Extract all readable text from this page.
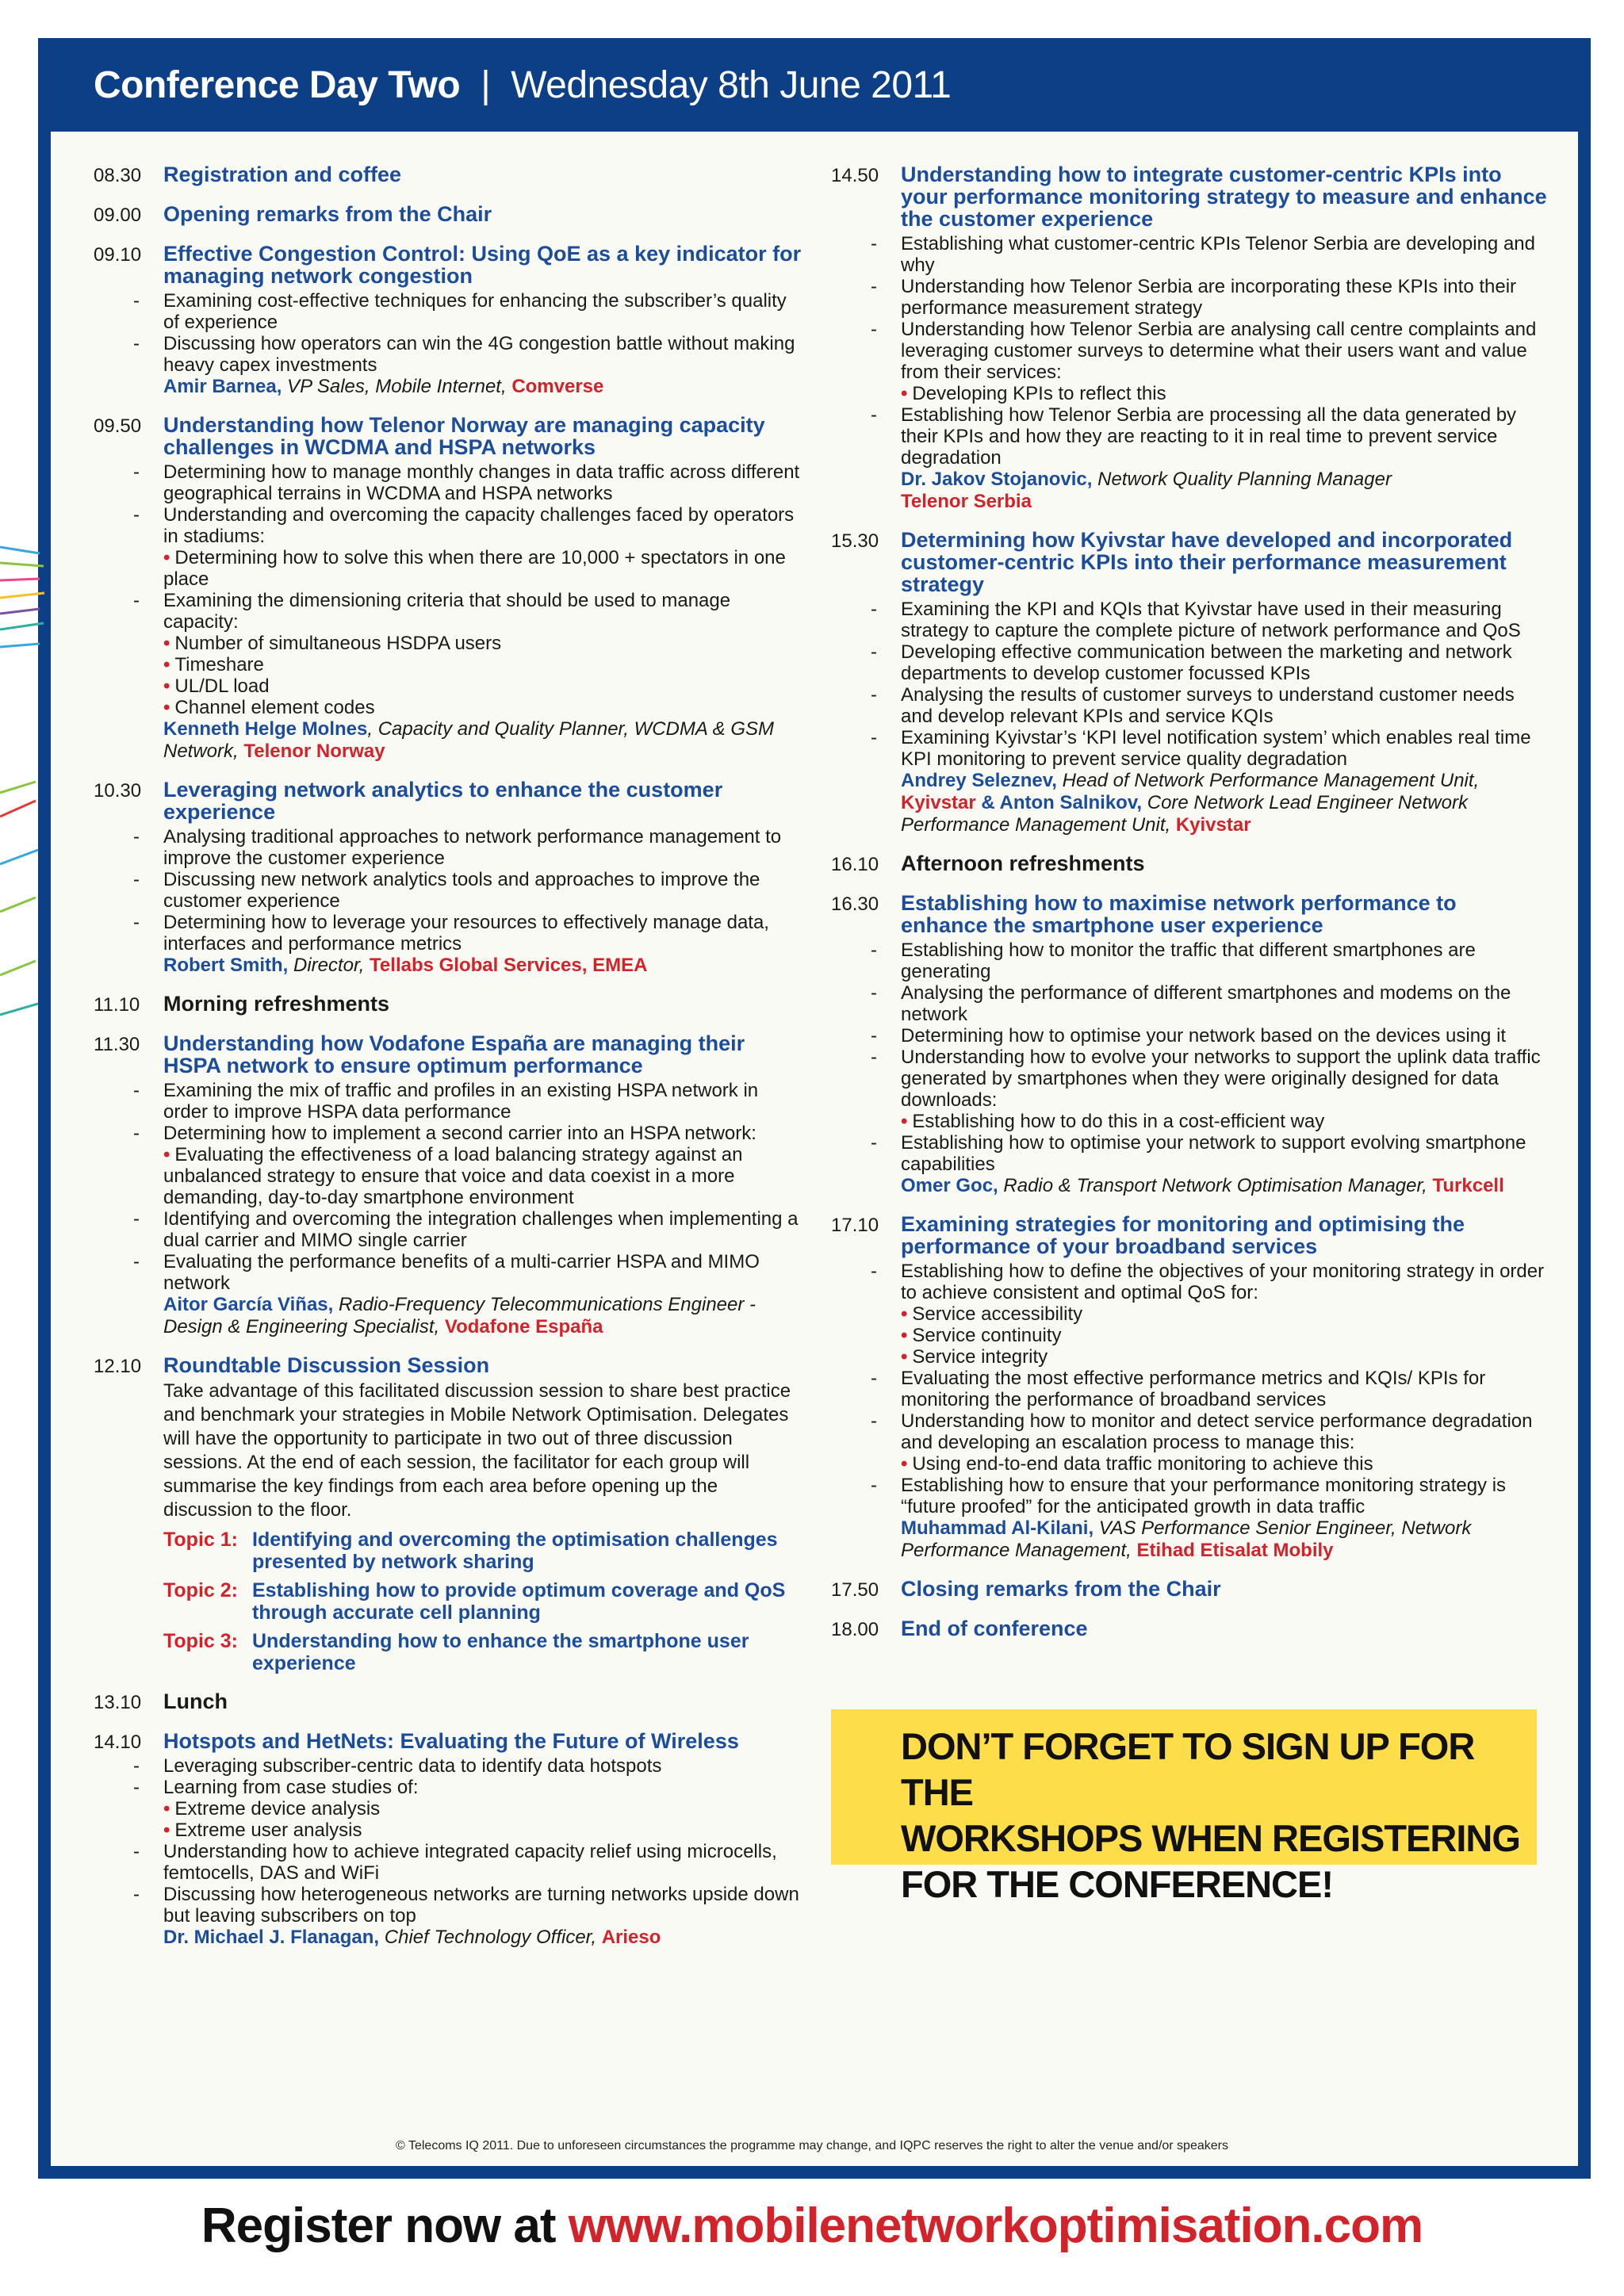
Conference Day Two | Wednesday 8th June 2011
08.30	Registration and coffee
09.00	Opening remarks from the Chair
09.10	Effective Congestion Control: Using QoE as a key indicator for managing network congestion
- Examining cost-effective techniques for enhancing the subscriber’s quality of experience
- Discussing how operators can win the 4G congestion battle without making heavy capex investments
Amir Barnea, VP Sales, Mobile Internet, Comverse
09.50	Understanding how Telenor Norway are managing capacity challenges in WCDMA and HSPA networks
- Determining how to manage monthly changes in data traffic across different geographical terrains in WCDMA and HSPA networks
- Understanding and overcoming the capacity challenges faced by operators in stadiums:
• Determining how to solve this when there are 10,000 + spectators in one place
- Examining the dimensioning criteria that should be used to manage capacity:
• Number of simultaneous HSDPA users
• Timeshare
• UL/DL load
• Channel element codes
Kenneth Helge Molnes, Capacity and Quality Planner, WCDMA & GSM Network, Telenor Norway
10.30	Leveraging network analytics to enhance the customer experience
- Analysing traditional approaches to network performance management to improve the customer experience
- Discussing new network analytics tools and approaches to improve the customer experience
- Determining how to leverage your resources to effectively manage data, interfaces and performance metrics
Robert Smith, Director, Tellabs Global Services, EMEA
11.10	Morning refreshments
11.30	Understanding how Vodafone España are managing their HSPA network to ensure optimum performance
- Examining the mix of traffic and profiles in an existing HSPA network in order to improve HSPA data performance
- Determining how to implement a second carrier into an HSPA network:
• Evaluating the effectiveness of a load balancing strategy against an unbalanced strategy to ensure that voice and data coexist in a more demanding, day-to-day smartphone environment
- Identifying and overcoming the integration challenges when implementing a dual carrier and MIMO single carrier
- Evaluating the performance benefits of a multi-carrier HSPA and MIMO network
Aitor García Viñas, Radio-Frequency Telecommunications Engineer - Design & Engineering Specialist, Vodafone España
12.10	Roundtable Discussion Session
Take advantage of this facilitated discussion session to share best practice and benchmark your strategies in Mobile Network Optimisation. Delegates will have the opportunity to participate in two out of three discussion sessions. At the end of each session, the facilitator for each group will summarise the key findings from each area before opening up the discussion to the floor.
Topic 1: Identifying and overcoming the optimisation challenges presented by network sharing
Topic 2: Establishing how to provide optimum coverage and QoS through accurate cell planning
Topic 3: Understanding how to enhance the smartphone user experience
13.10	Lunch
14.10	Hotspots and HetNets: Evaluating the Future of Wireless
- Leveraging subscriber-centric data to identify data hotspots
- Learning from case studies of:
• Extreme device analysis
• Extreme user analysis
- Understanding how to achieve integrated capacity relief using microcells, femtocells, DAS and WiFi
- Discussing how heterogeneous networks are turning networks upside down but leaving subscribers on top
Dr. Michael J. Flanagan, Chief Technology Officer, Arieso
14.50	Understanding how to integrate customer-centric KPIs into your performance monitoring strategy to measure and enhance the customer experience
- Establishing what customer-centric KPIs Telenor Serbia are developing and why
- Understanding how Telenor Serbia are incorporating these KPIs into their performance measurement strategy
- Understanding how Telenor Serbia are analysing call centre complaints and leveraging customer surveys to determine what their users want and value from their services:
• Developing KPIs to reflect this
- Establishing how Telenor Serbia are processing all the data generated by their KPIs and how they are reacting to it in real time to prevent service degradation
Dr. Jakov Stojanovic, Network Quality Planning Manager
Telenor Serbia
15.30	Determining how Kyivstar have developed and incorporated customer-centric KPIs into their performance measurement strategy
- Examining the KPI and KQIs that Kyivstar have used in their measuring strategy to capture the complete picture of network performance and QoS
- Developing effective communication between the marketing and network departments to develop customer focussed KPIs
- Analysing the results of customer surveys to understand customer needs and develop relevant KPIs and service KQIs
- Examining Kyivstar’s ‘KPI level notification system’ which enables real time KPI monitoring to prevent service quality degradation
Andrey Seleznev, Head of Network Performance Management Unit, Kyivstar & Anton Salnikov, Core Network Lead Engineer Network Performance Management Unit, Kyivstar
16.10	Afternoon refreshments
16.30	Establishing how to maximise network performance to enhance the smartphone user experience
- Establishing how to monitor the traffic that different smartphones are generating
- Analysing the performance of different smartphones and modems on the network
- Determining how to optimise your network based on the devices using it
- Understanding how to evolve your networks to support the uplink data traffic generated by smartphones when they were originally designed for data downloads:
• Establishing how to do this in a cost-efficient way
- Establishing how to optimise your network to support evolving smartphone capabilities
Omer Goc, Radio & Transport Network Optimisation Manager, Turkcell
17.10	Examining strategies for monitoring and optimising the performance of your broadband services
- Establishing how to define the objectives of your monitoring strategy in order to achieve consistent and optimal QoS for:
• Service accessibility
• Service continuity
• Service integrity
- Evaluating the most effective performance metrics and KQIs/ KPIs for monitoring the performance of broadband services
- Understanding how to monitor and detect service performance degradation and developing an escalation process to manage this:
• Using end-to-end data traffic monitoring to achieve this
- Establishing how to ensure that your performance monitoring strategy is “future proofed” for the anticipated growth in data traffic
Muhammad Al-Kilani, VAS Performance Senior Engineer, Network Performance Management, Etihad Etisalat Mobily
17.50	Closing remarks from the Chair
18.00	End of conference
DON’T FORGET TO SIGN UP FOR THE
WORKSHOPS WHEN REGISTERING
FOR THE CONFERENCE!
© Telecoms IQ 2011. Due to unforeseen circumstances the programme may change, and IQPC reserves the right to alter the venue and/or speakers
Register now at www.mobilenetworkoptimisation.com
